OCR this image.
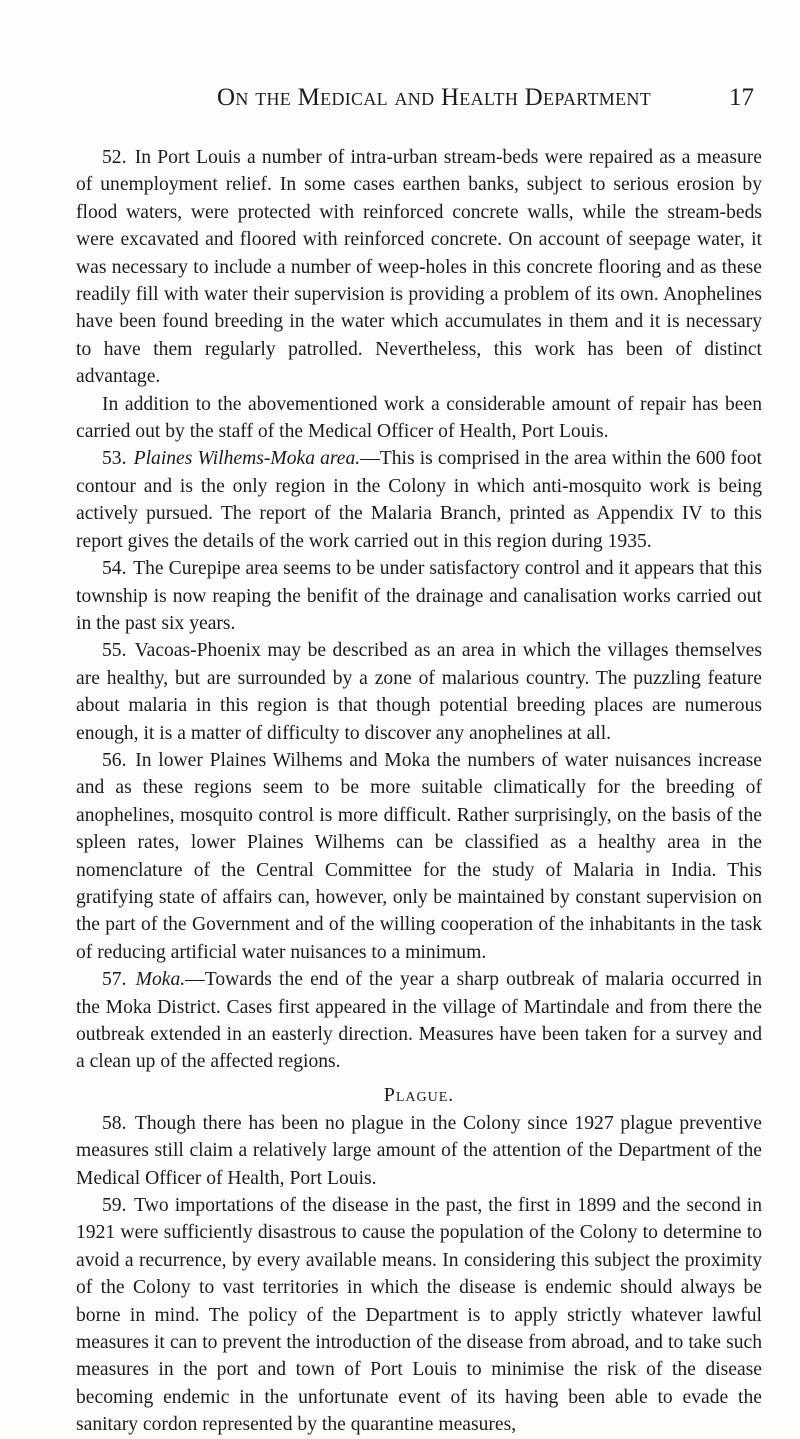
On the Medical and Health Department	17

52. In Port Louis a number of intra-urban stream-beds were repaired as a measure of unemployment relief. In some cases earthen banks, subject to serious erosion by flood waters, were protected with reinforced concrete walls, while the stream-beds were excavated and floored with reinforced concrete. On account of seepage water, it was necessary to include a number of weep-holes in this concrete flooring and as these readily fill with water their supervision is providing a problem of its own. Anophelines have been found breeding in the water which accumulates in them and it is necessary to have them regularly patrolled. Nevertheless, this work has been of distinct advantage.

In addition to the abovementioned work a considerable amount of repair has been carried out by the staff of the Medical Officer of Health, Port Louis.

53. Plaines Wilhems-Moka area.—This is comprised in the area within the 600 foot contour and is the only region in the Colony in which anti-mosquito work is being actively pursued. The report of the Malaria Branch, printed as Appendix IV to this report gives the details of the work carried out in this region during 1935.

54. The Curepipe area seems to be under satisfactory control and it appears that this township is now reaping the benifit of the drainage and canalisation works carried out in the past six years.

55. Vacoas-Phoenix may be described as an area in which the villages themselves are healthy, but are surrounded by a zone of malarious country. The puzzling feature about malaria in this region is that though potential breeding places are numerous enough, it is a matter of difficulty to discover any anophelines at all.

56. In lower Plaines Wilhems and Moka the numbers of water nuisances increase and as these regions seem to be more suitable climatically for the breeding of anophelines, mosquito control is more difficult. Rather surprisingly, on the basis of the spleen rates, lower Plaines Wilhems can be classified as a healthy area in the nomenclature of the Central Committee for the study of Malaria in India. This gratifying state of affairs can, however, only be maintained by constant supervision on the part of the Government and of the willing cooperation of the inhabitants in the task of reducing artificial water nuisances to a minimum.

57. Moka.—Towards the end of the year a sharp outbreak of malaria occurred in the Moka District. Cases first appeared in the village of Martindale and from there the outbreak extended in an easterly direction. Measures have been taken for a survey and a clean up of the affected regions.

Plague.

58. Though there has been no plague in the Colony since 1927 plague preventive measures still claim a relatively large amount of the attention of the Department of the Medical Officer of Health, Port Louis.

59. Two importations of the disease in the past, the first in 1899 and the second in 1921 were sufficiently disastrous to cause the population of the Colony to determine to avoid a recurrence, by every available means. In considering this subject the proximity of the Colony to vast territories in which the disease is endemic should always be borne in mind. The policy of the Department is to apply strictly whatever lawful measures it can to prevent the introduction of the disease from abroad, and to take such measures in the port and town of Port Louis to minimise the risk of the disease becoming endemic in the unfortunate event of its having been able to evade the sanitary cordon represented by the quarantine measures,
